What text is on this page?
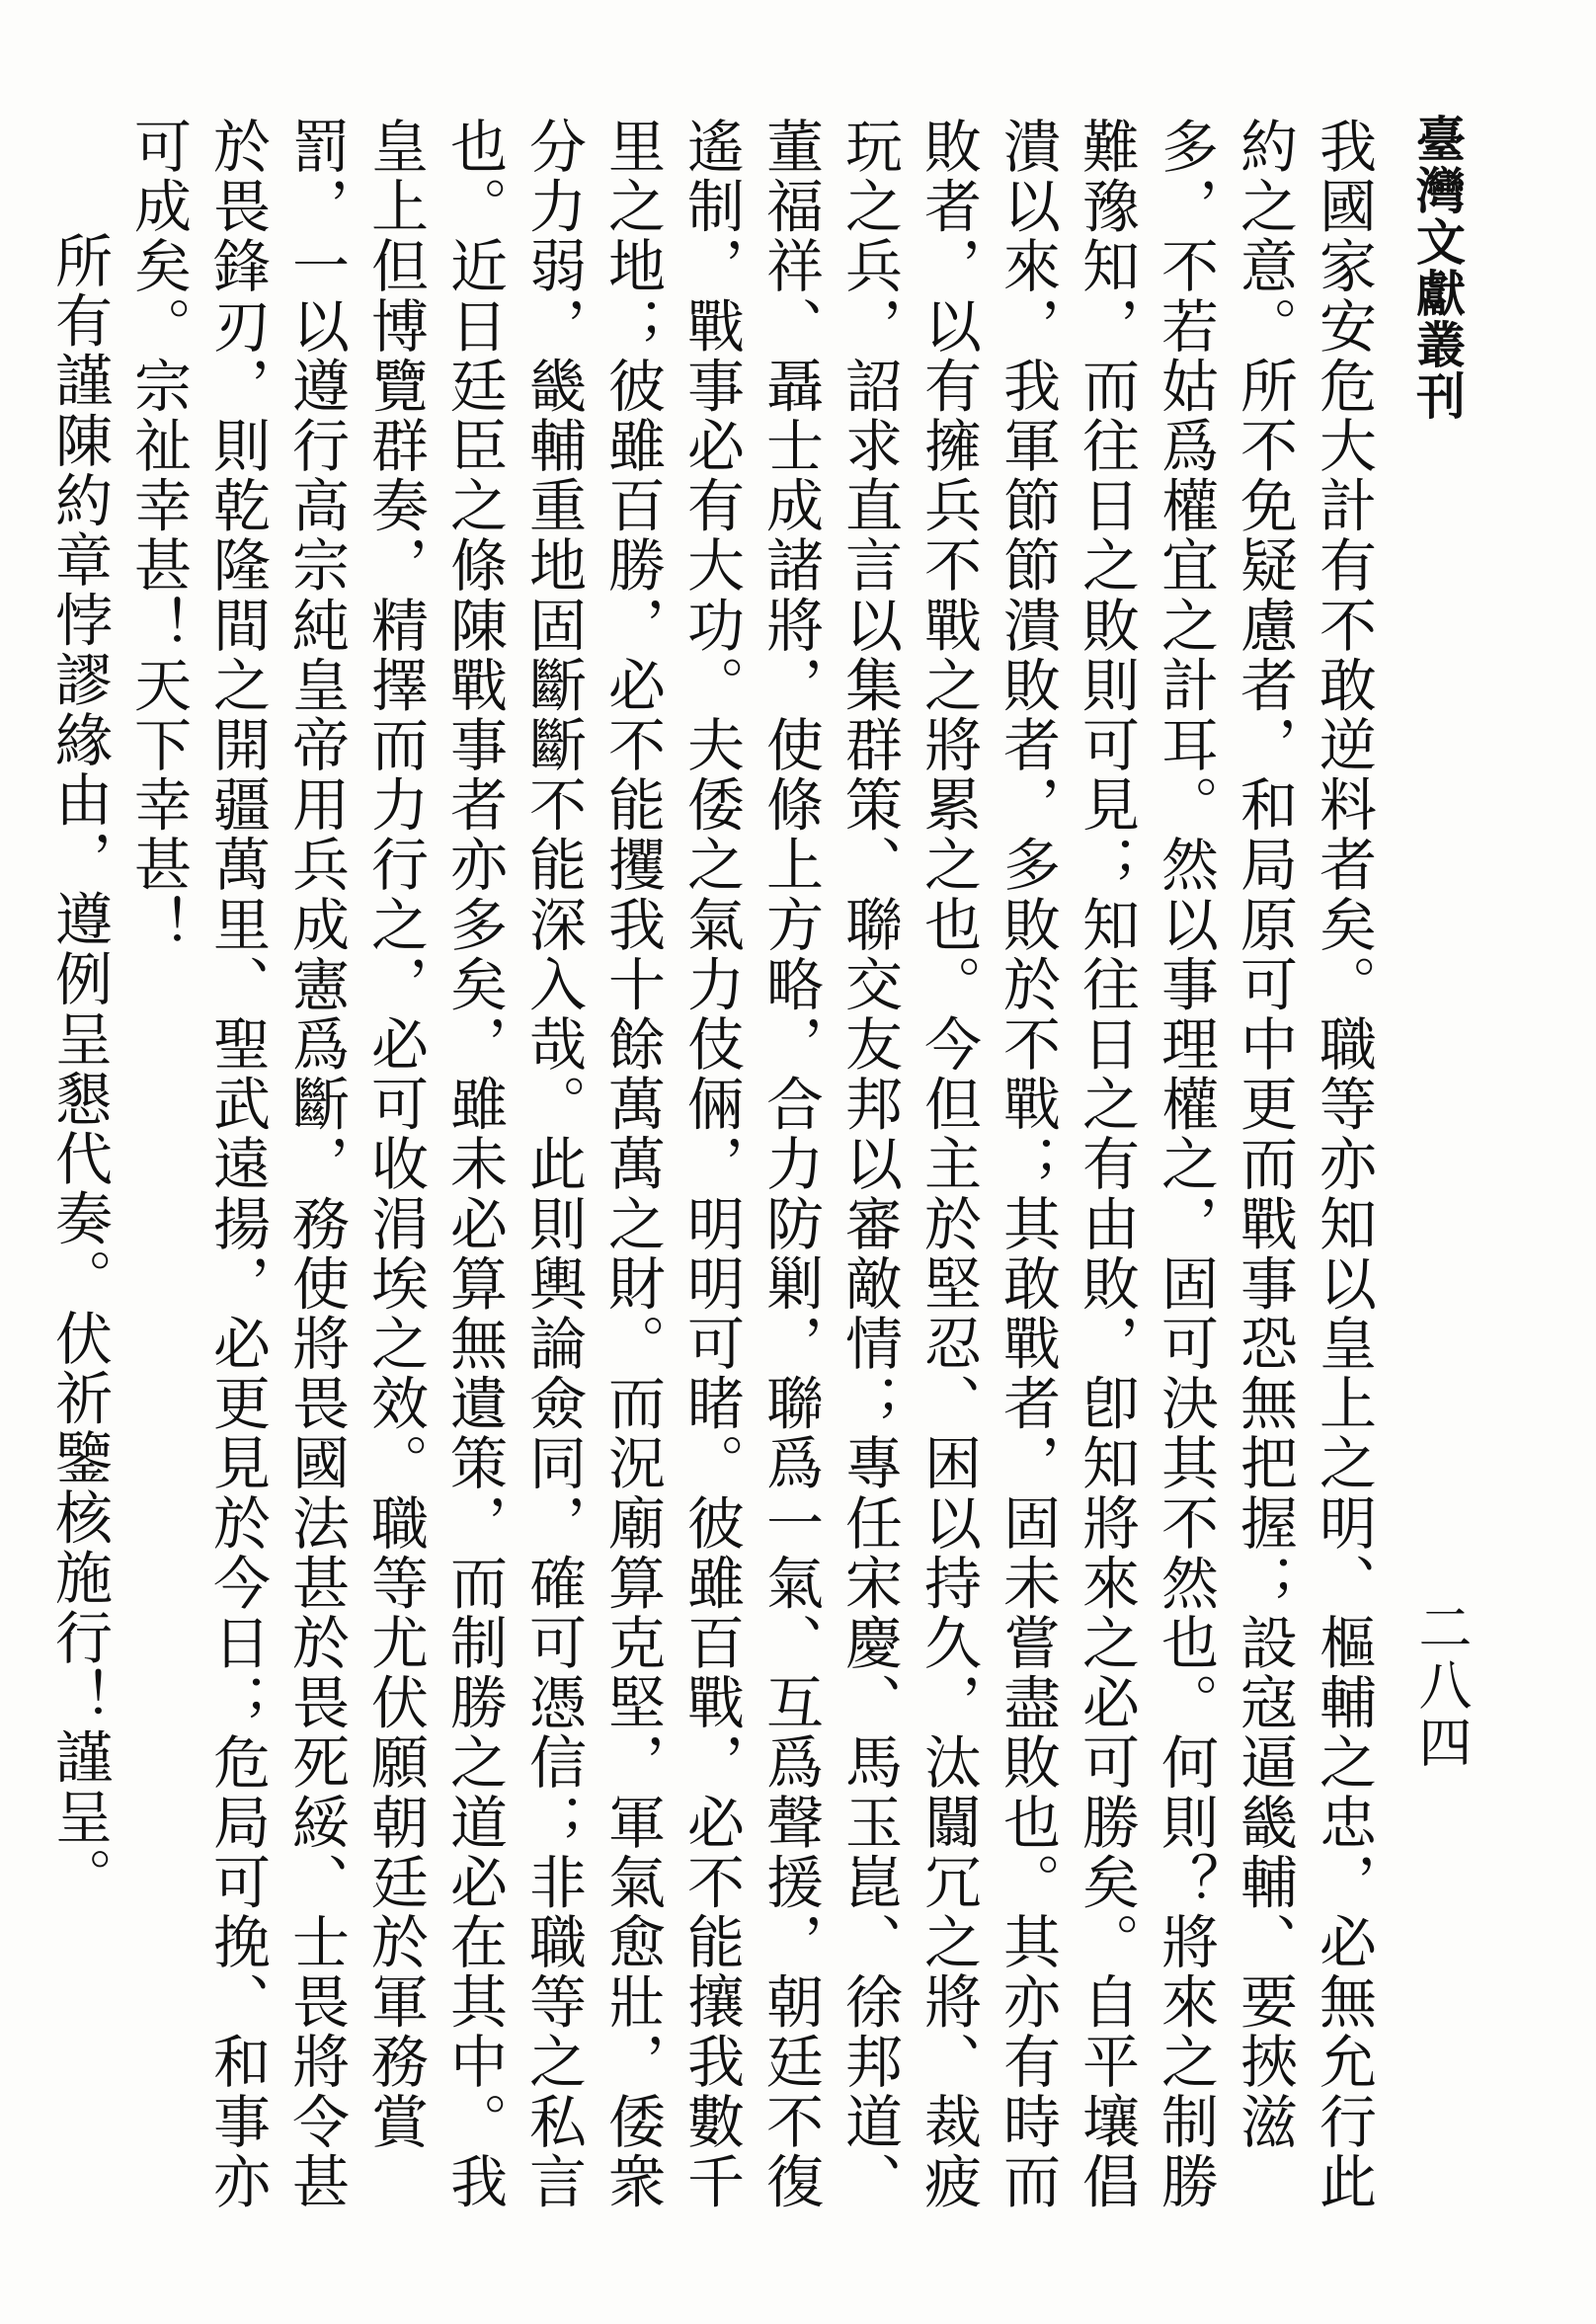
臺灣文獻叢刊
二八四

我國家安危大計有不敢逆料者矣。職等亦知以皇上之明、樞輔之忠，必無允行此約之意。所不免疑慮者，和局原可中更而戰事恐無把握；設寇逼畿輔、要挾滋多，不若姑爲權宜之計耳。然以事理權之，固可決其不然也。何則？將來之制勝難豫知，而往日之敗則可見；知往日之有由敗，卽知將來之必可勝矣。自平壤倡潰以來，我軍節節潰敗者，多敗於不戰；其敢戰者，固未嘗盡敗也。其亦有時而敗者，以有擁兵不戰之將累之也。今但主於堅忍、困以持久，汰闒冗之將、裁疲玩之兵，詔求直言以集群策、聯交友邦以審敵情；專任宋慶、馬玉崑、徐邦道、董福祥、聶士成諸將，使條上方略，合力防剿，聯爲一氣、互爲聲援，朝廷不復遙制，戰事必有大功。夫倭之氣力伎倆，明明可睹。彼雖百戰，必不能攘我數千里之地；彼雖百勝，必不能攫我十餘萬萬之財。而況廟算克堅，軍氣愈壯，倭衆分力弱，畿輔重地固斷斷不能深入哉。此則輿論僉同，確可憑信；非職等之私言也。近日廷臣之條陳戰事者亦多矣，雖未必算無遺策，而制勝之道必在其中。我皇上但博覽群奏，精擇而力行之，必可收涓埃之效。職等尤伏願朝廷於軍務賞罰，一以遵行高宗純皇帝用兵成憲爲斷，務使將畏國法甚於畏死綏、士畏將令甚於畏鋒刃，則乾隆間之開疆萬里、聖武遠揚，必更見於今日；危局可挽、和事亦可成矣。宗祉幸甚！天下幸甚！

所有謹陳約章悖謬緣由，遵例呈懇代奏。伏祈鑒核施行！謹呈。
